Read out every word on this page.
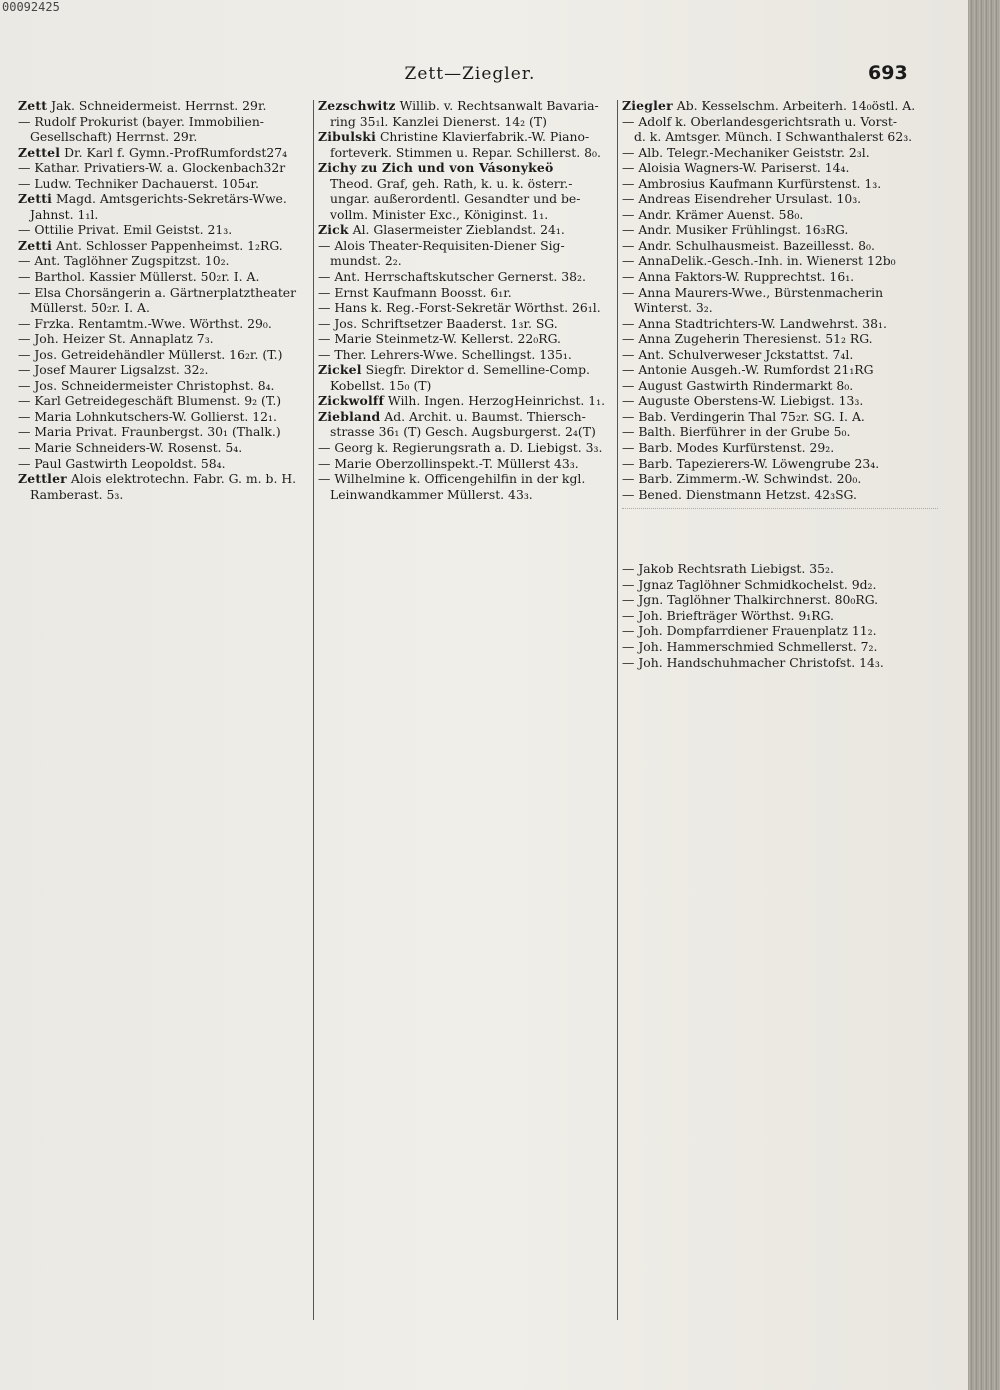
00092425
Zett—Ziegler.	693
Zett Jak. Schneidermeist. Herrnst. 29r.
— Rudolf Prokurist (bayer. Immobilien-
Gesellschaft) Herrnst. 29r.
Zettel Dr. Karl f. Gymn.-ProfRumfordst27₄
— Kathar. Privatiers-W. a. Glockenbach32r
— Ludw. Techniker Dachauerst. 105₄r.
Zetti Magd. Amtsgerichts-Sekretärs-Wwe.
Jahnst. 1₁l.
— Ottilie Privat. Emil Geistst. 21₃.
Zetti Ant. Schlosser Pappenheimst. 1₂RG.
— Ant. Taglöhner Zugspitzst. 10₂.
— Barthol. Kassier Müllerst. 50₂r. I. A.
— Elsa Chorsängerin a. Gärtnerplatztheater
Müllerst. 50₂r. I. A.
— Frzka. Rentamtm.-Wwe. Wörthst. 29₀.
— Joh. Heizer St. Annaplatz 7₃.
— Jos. Getreidehändler Müllerst. 16₂r. (T.)
— Josef Maurer Ligsalzst. 32₂.
— Jos. Schneidermeister Christophst. 8₄.
— Karl Getreidegeschäft Blumenst. 9₂ (T.)
— Maria Lohnkutschers-W. Gollierst. 12₁.
— Maria Privat. Fraunbergst. 30₁ (Thalk.)
— Marie Schneiders-W. Rosenst. 5₄.
— Paul Gastwirth Leopoldst. 58₄.
Zettler Alois elektrotechn. Fabr. G. m. b. H.
Ramberast. 5₃.
Zezschwitz Willib. v. Rechtsanwalt Bavaria-
ring 35₁l. Kanzlei Dienerst. 14₂ (T)
Zibulski Christine Klavierfabrik.-W. Piano-
forteverk. Stimmen u. Repar. Schillerst. 8₀.
Zichy zu Zich und von Vásonykeö
Theod. Graf, geh. Rath, k. u. k. österr.-
ungar. außerordentl. Gesandter und be-
vollm. Minister Exc., Königinst. 1₁.
Zick Al. Glasermeister Zieblandst. 24₁.
— Alois Theater-Requisiten-Diener Sig-
mundst. 2₂.
— Ant. Herrschaftskutscher Gernerst. 38₂.
— Ernst Kaufmann Boosst. 6₁r.
— Hans k. Reg.-Forst-Sekretär Wörthst. 26₁l.
— Jos. Schriftsetzer Baaderst. 1₃r. SG.
— Marie Steinmetz-W. Kellerst. 22₀RG.
— Ther. Lehrers-Wwe. Schellingst. 135₁.
Zickel Siegfr. Direktor d. Semelline-Comp.
Kobellst. 15₀ (T)
Zickwolff Wilh. Ingen. HerzogHeinrichst. 1₁.
Ziebland Ad. Archit. u. Baumst. Thiersch-
strasse 36₁ (T) Gesch. Augsburgerst. 2₄(T)
— Georg k. Regierungsrath a. D. Liebigst. 3₃.
— Marie Oberzollinspekt.-T. Müllerst 43₃.
— Wilhelmine k. Officengehilfin in der kgl.
Leinwandkammer Müllerst. 43₃.
Ziegler Ab. Kesselschm. Arbeiterh. 14₀östl. A.
— Adolf k. Oberlandesgerichtsrath u. Vorst-
d. k. Amtsger. Münch. I Schwanthalerst 62₃.
— Alb. Telegr.-Mechaniker Geiststr. 2₃l.
— Aloisia Wagners-W. Pariserst. 14₄.
— Ambrosius Kaufmann Kurfürstenst. 1₃.
— Andreas Eisendreher Ursulast. 10₃.
— Andr. Krämer Auenst. 58₀.
— Andr. Musiker Frühlingst. 16₃RG.
— Andr. Schulhausmeist. Bazeillesst. 8₀.
— AnnaDelik.-Gesch.-Inh. in. Wienerst 12b₀
— Anna Faktors-W. Rupprechtst. 16₁.
— Anna Maurers-Wwe., Bürstenmacherin
Winterst. 3₂.
— Anna Stadtrichters-W. Landwehrst. 38₁.
— Anna Zugeherin Theresienst. 51₂ RG.
— Ant. Schulverweser Jckstattst. 7₄l.
— Antonie Ausgeh.-W. Rumfordst 21₁RG
— August Gastwirth Rindermarkt 8₀.
— Auguste Oberstens-W. Liebigst. 13₃.
— Bab. Verdingerin Thal 75₂r. SG. I. A.
— Balth. Bierführer in der Grube 5₀.
— Barb. Modes Kurfürstenst. 29₂.
— Barb. Tapezierers-W. Löwengrube 23₄.
— Barb. Zimmerm.-W. Schwindst. 20₀.
— Bened. Dienstmann Hetzst. 42₃SG.
— Jakob Rechtsrath Liebigst. 35₂.
— Jgnaz Taglöhner Schmidkochelst. 9d₂.
— Jgn. Taglöhner Thalkirchnerst. 80₀RG.
— Joh. Briefträger Wörthst. 9₁RG.
— Joh. Dompfarrdiener Frauenplatz 11₂.
— Joh. Hammerschmied Schmellerst. 7₂.
— Joh. Handschuhmacher Christofst. 14₃.
